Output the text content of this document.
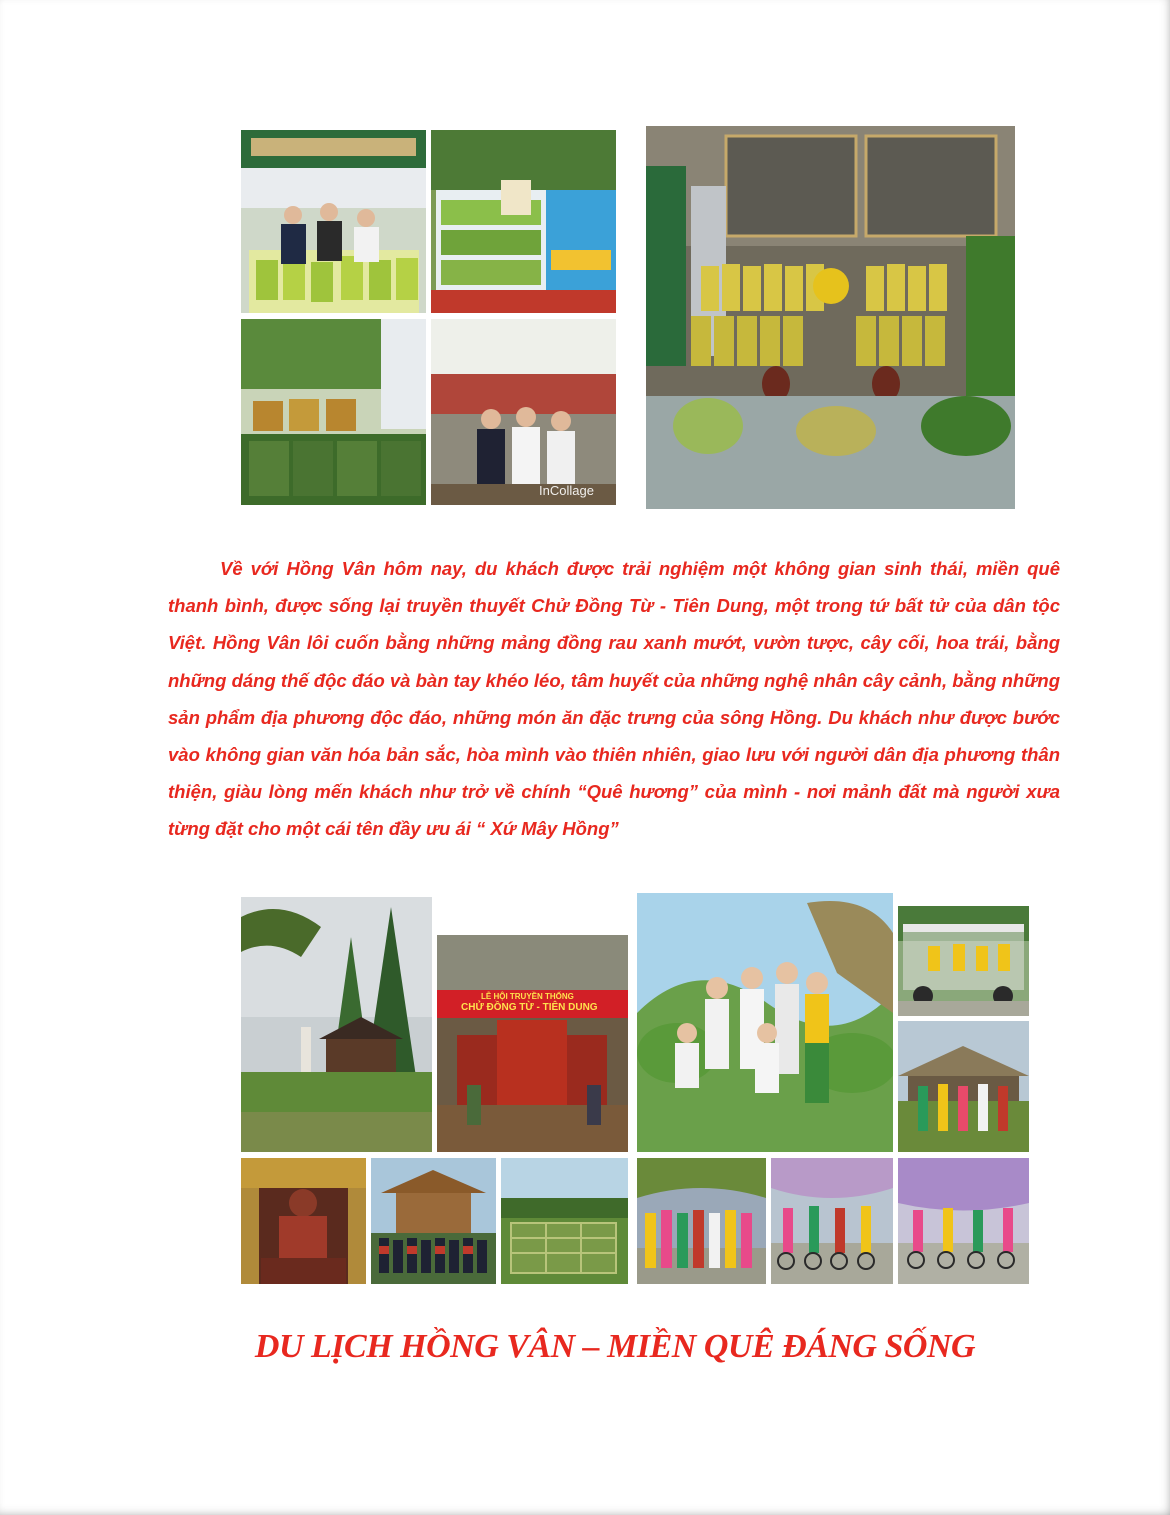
InCollage

Về với Hồng Vân hôm nay, du khách được trải nghiệm một không gian sinh thái, miền quê thanh bình, được sống lại truyền thuyết Chử Đồng Từ - Tiên Dung, một trong tứ bất tử của dân tộc Việt. Hồng Vân lôi cuốn bằng những mảng đồng rau xanh mướt, vườn tược, cây cối, hoa trái, bằng những dáng thế độc đáo và bàn tay khéo léo, tâm huyết của những nghệ nhân cây cảnh, bằng những sản phẩm địa phương độc đáo, những món ăn đặc trưng của sông Hồng. Du khách như được bước vào không gian văn hóa bản sắc, hòa mình vào thiên nhiên, giao lưu với người dân địa phương thân thiện, giàu lòng mến khách như trở về chính “Quê hương” của mình - nơi mảnh đất mà người xưa từng đặt cho một cái tên đầy ưu ái “ Xứ Mây Hồng”

LỄ HỘI TRUYỀN THỐNG
CHỬ ĐỒNG TỪ - TIÊN DUNG
DU LỊCH HỒNG VÂN – MIỀN QUÊ ĐÁNG SỐNG
